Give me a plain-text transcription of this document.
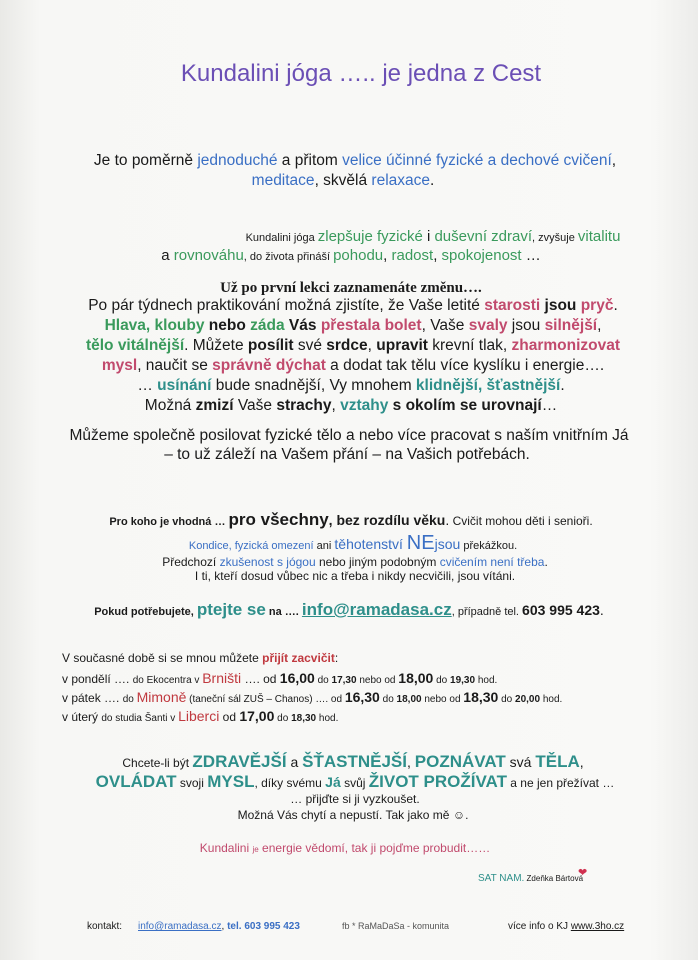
Kundalini jóga ….. je jedna z Cest
Je to poměrně jednoduché a přitom velice účinné fyzické a dechové cvičení,
meditace, skvělá relaxace.
Kundalini jóga zlepšuje fyzické i duševní zdraví, zvyšuje vitalitu
a rovnováhu, do života přináší pohodu, radost, spokojenost …
Už po první lekci zaznamenáte změnu….
Po pár týdnech praktikování možná zjistíte, že Vaše letité starosti jsou pryč.
Hlava, klouby nebo záda Vás přestala bolet, Vaše svaly jsou silnější,
tělo vitálnější. Můžete posílit své srdce, upravit krevní tlak, zharmonizovat
mysl, naučit se správně dýchat a dodat tak tělu více kyslíku i energie….
… usínání bude snadnější, Vy mnohem klidnější, šťastnější.
Možná zmizí Vaše strachy, vztahy s okolím se urovnají…
Můžeme společně posilovat fyzické tělo a nebo více pracovat s naším vnitřním Já
– to už záleží na Vašem přání – na Vašich potřebách.
Pro koho je vhodná … pro všechny, bez rozdílu věku. Cvičit mohou děti i senioři.
Kondice, fyzická omezení ani těhotenství NEjsou překážkou.
Předchozí zkušenost s jógou nebo jiným podobným cvičením není třeba.
I ti, kteří dosud vůbec nic a třeba i nikdy necvičili, jsou vítáni.
Pokud potřebujete, ptejte se na …. info@ramadasa.cz, případně tel. 603 995 423.
V současné době si se mnou můžete přijít zacvičit:
v pondělí …. do Ekocentra v Brništi …. od 16,00 do 17,30 nebo od 18,00 do 19,30 hod.
v pátek …. do Mimoně (taneční sál ZUŠ – Chanos) …. od 16,30 do 18,00 nebo od 18,30 do 20,00 hod.
v úterý do studia Šanti v Liberci od 17,00 do 18,30 hod.
Chcete-li být ZDRAVĚJŠÍ a ŠŤASTNĚJŠÍ, POZNÁVAT svá TĚLA,
OVLÁDAT svoji MYSL, díky svému Já svůj ŽIVOT PROŽÍVAT a ne jen přežívat …
… přijďte si ji vyzkoušet.
Možná Vás chytí a nepustí. Tak jako mě ☺.
Kundalini je energie vědomí, tak ji pojďme probudit……
SAT NAM. Zdeňka Bártová
❤
kontakt: info@ramadasa.cz, tel. 603 995 423	fb * RaMaDaSa - komunita	více info o KJ www.3ho.cz
